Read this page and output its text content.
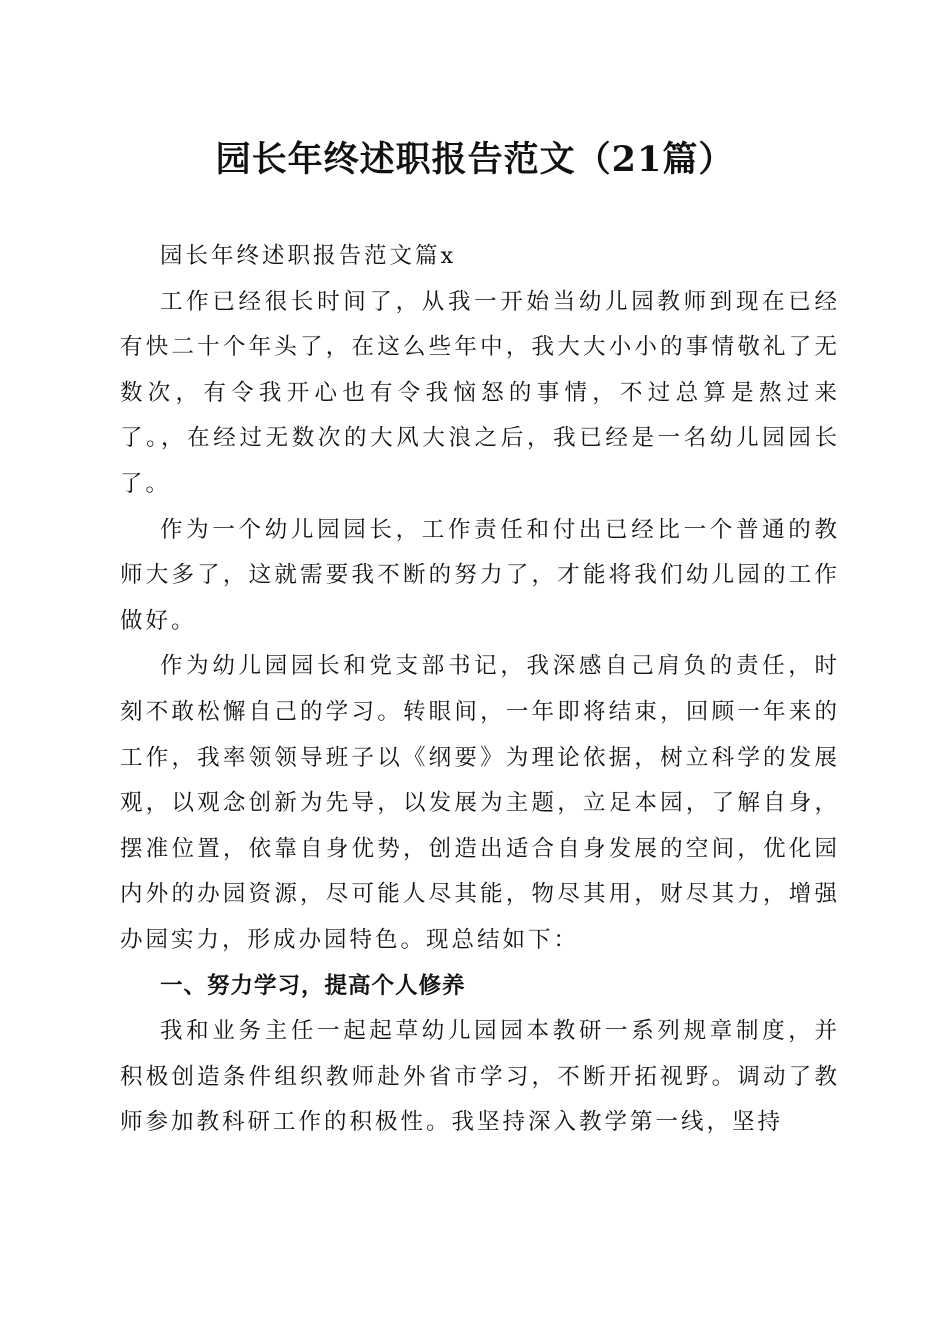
园长年终述职报告范文（21篇）

园长年终述职报告范文篇x

工作已经很长时间了，从我一开始当幼儿园教师到现在已经有快二十个年头了，在这么些年中，我大大小小的事情敬礼了无数次，有令我开心也有令我恼怒的事情，不过总算是熬过来了。，在经过无数次的大风大浪之后，我已经是一名幼儿园园长了。

作为一个幼儿园园长，工作责任和付出已经比一个普通的教师大多了，这就需要我不断的努力了，才能将我们幼儿园的工作做好。

作为幼儿园园长和党支部书记，我深感自己肩负的责任，时刻不敢松懈自己的学习。转眼间，一年即将结束，回顾一年来的工作，我率领领导班子以《纲要》为理论依据，树立科学的发展观，以观念创新为先导，以发展为主题，立足本园，了解自身，摆准位置，依靠自身优势，创造出适合自身发展的空间，优化园内外的办园资源，尽可能人尽其能，物尽其用，财尽其力，增强办园实力，形成办园特色。现总结如下：

一、努力学习，提高个人修养

我和业务主任一起起草幼儿园园本教研一系列规章制度，并积极创造条件组织教师赴外省市学习，不断开拓视野。调动了教师参加教科研工作的积极性。我坚持深入教学第一线，坚持
